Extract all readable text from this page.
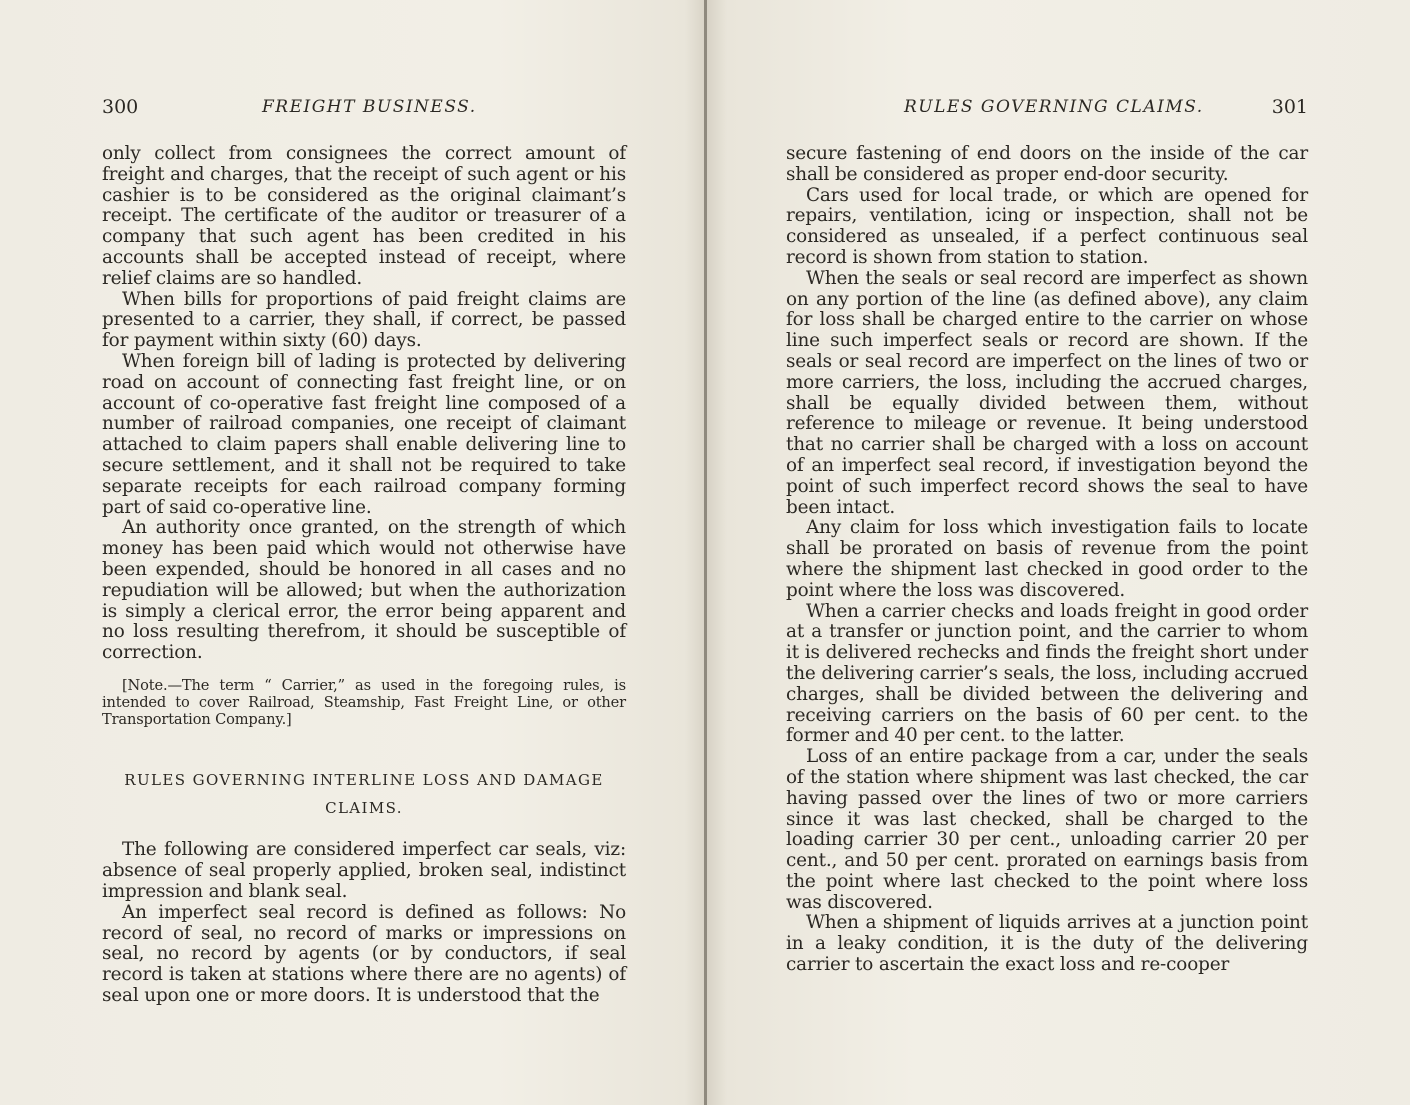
300	FREIGHT BUSINESS.

only collect from consignees the correct amount of freight and charges, that the receipt of such agent or his cashier is to be considered as the original claimant’s receipt. The certificate of the auditor or treasurer of a company that such agent has been credited in his accounts shall be accepted instead of receipt, where relief claims are so handled.

When bills for proportions of paid freight claims are presented to a carrier, they shall, if correct, be passed for payment within sixty (60) days.

When foreign bill of lading is protected by delivering road on account of connecting fast freight line, or on account of co-operative fast freight line composed of a number of railroad companies, one receipt of claimant attached to claim papers shall enable delivering line to secure settlement, and it shall not be required to take separate receipts for each railroad company forming part of said co-operative line.

An authority once granted, on the strength of which money has been paid which would not otherwise have been expended, should be honored in all cases and no repudiation will be allowed; but when the authorization is simply a clerical error, the error being apparent and no loss resulting therefrom, it should be susceptible of correction.

[Note.—The term “ Carrier,” as used in the foregoing rules, is intended to cover Railroad, Steamship, Fast Freight Line, or other Transportation Company.]

RULES GOVERNING INTERLINE LOSS AND DAMAGE
CLAIMS.

The following are considered imperfect car seals, viz: absence of seal properly applied, broken seal, indistinct impression and blank seal.

An imperfect seal record is defined as follows: No record of seal, no record of marks or impressions on seal, no record by agents (or by conductors, if seal record is taken at stations where there are no agents) of seal upon one or more doors. It is understood that the

RULES GOVERNING CLAIMS.	301

secure fastening of end doors on the inside of the car shall be considered as proper end-door security.

Cars used for local trade, or which are opened for repairs, ventilation, icing or inspection, shall not be considered as unsealed, if a perfect continuous seal record is shown from station to station.

When the seals or seal record are imperfect as shown on any portion of the line (as defined above), any claim for loss shall be charged entire to the carrier on whose line such imperfect seals or record are shown. If the seals or seal record are imperfect on the lines of two or more carriers, the loss, including the accrued charges, shall be equally divided between them, without reference to mileage or revenue. It being understood that no carrier shall be charged with a loss on account of an imperfect seal record, if investigation beyond the point of such imperfect record shows the seal to have been intact.

Any claim for loss which investigation fails to locate shall be prorated on basis of revenue from the point where the shipment last checked in good order to the point where the loss was discovered.

When a carrier checks and loads freight in good order at a transfer or junction point, and the carrier to whom it is delivered rechecks and finds the freight short under the delivering carrier’s seals, the loss, including accrued charges, shall be divided between the delivering and receiving carriers on the basis of 60 per cent. to the former and 40 per cent. to the latter.

Loss of an entire package from a car, under the seals of the station where shipment was last checked, the car having passed over the lines of two or more carriers since it was last checked, shall be charged to the loading carrier 30 per cent., unloading carrier 20 per cent., and 50 per cent. prorated on earnings basis from the point where last checked to the point where loss was discovered.

When a shipment of liquids arrives at a junction point in a leaky condition, it is the duty of the delivering carrier to ascertain the exact loss and re-cooper
